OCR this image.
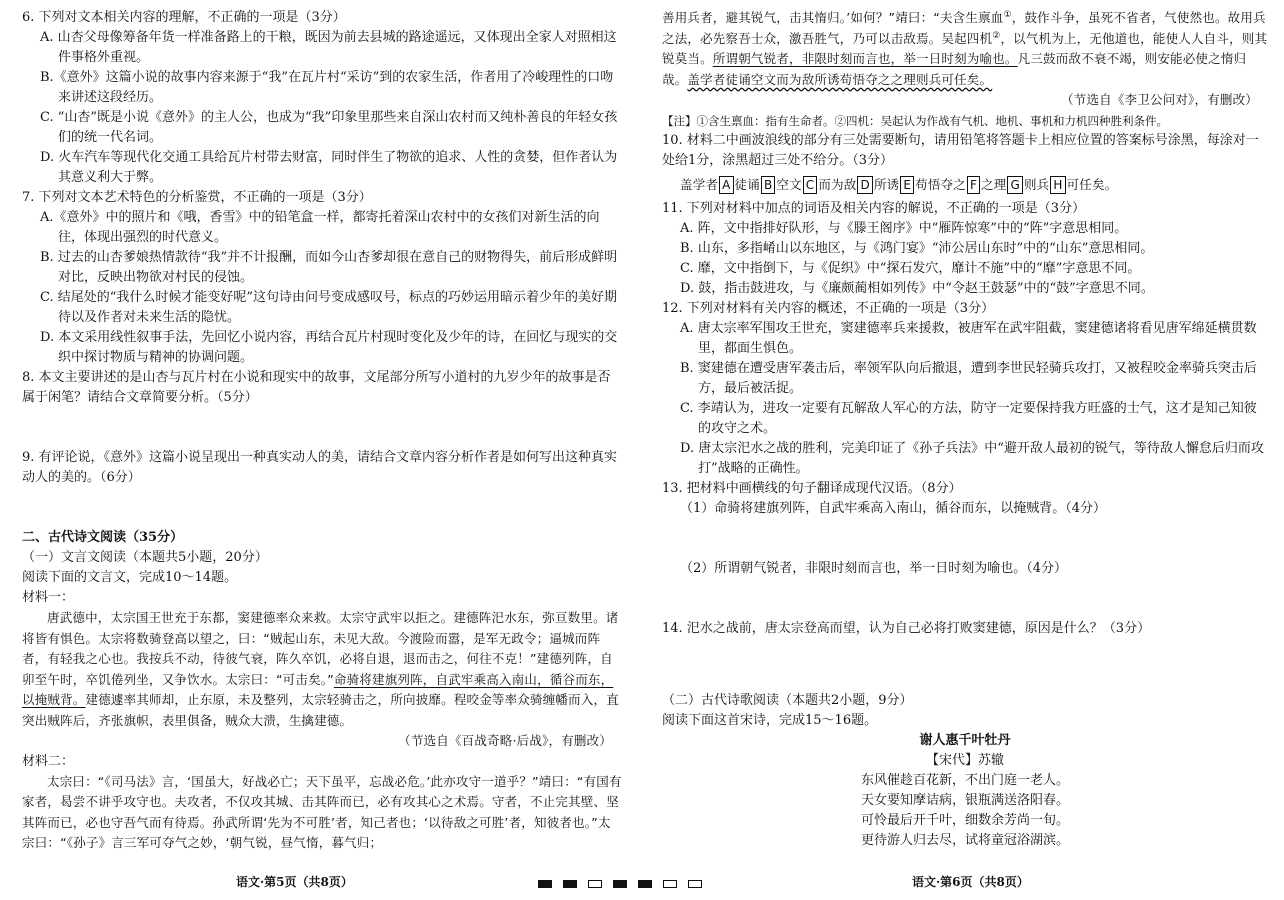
6. 下列对文本相关内容的理解，不正确的一项是（3分）

A. 山杏父母像筹备年货一样准备路上的干粮，既因为前去县城的路途遥远，又体现出全家人对照相这件事格外重视。

B.《意外》这篇小说的故事内容来源于“我”在瓦片村“采访”到的农家生活，作者用了冷峻理性的口吻来讲述这段经历。

C. “山杏”既是小说《意外》的主人公，也成为“我”印象里那些来自深山农村而又纯朴善良的年轻女孩们的统一代名词。

D. 火车汽车等现代化交通工具给瓦片村带去财富，同时伴生了物欲的追求、人性的贪婪，但作者认为其意义利大于弊。

7. 下列对文本艺术特色的分析鉴赏，不正确的一项是（3分）

A.《意外》中的照片和《哦，香雪》中的铅笔盒一样，都寄托着深山农村中的女孩们对新生活的向往，体现出强烈的时代意义。

B. 过去的山杏爹娘热情款待“我”并不计报酬，而如今山杏爹却很在意自己的财物得失，前后形成鲜明对比，反映出物欲对村民的侵蚀。

C. 结尾处的“我什么时候才能变好呢”这句诗由问号变成感叹号，标点的巧妙运用暗示着少年的美好期待以及作者对未来生活的隐忧。

D. 本文采用线性叙事手法，先回忆小说内容，再结合瓦片村现时变化及少年的诗，在回忆与现实的交织中探讨物质与精神的协调问题。

8. 本文主要讲述的是山杏与瓦片村在小说和现实中的故事，文尾部分所写小道村的九岁少年的故事是否属于闲笔？请结合文章简要分析。（5分）

9. 有评论说，《意外》这篇小说呈现出一种真实动人的美，请结合文章内容分析作者是如何写出这种真实动人的美的。（6分）

二、古代诗文阅读（35分）

（一）文言文阅读（本题共5小题，20分）

阅读下面的文言文，完成10～14题。

材料一：

唐武德中，太宗国王世充于东都，窦建德率众来救。太宗守武牢以拒之。建德阵汜水东，弥亘数里。诸将皆有惧色。太宗将数骑登高以望之，曰：“贼起山东，未见大敌。今渡险而嚣，是军无政令；逼城而阵者，有轻我之心也。我按兵不动，待彼气衰，阵久卒饥，必将自退，退而击之，何往不克！”建德列阵，自卯至午时，卒饥倦列坐，又争饮水。太宗曰：“可击矣。”命骑将建旗列阵，自武牢乘高入南山，循谷而东，以掩贼背。建德遽率其师却，止东原，未及整列，太宗轻骑击之，所向披靡。程咬金等率众骑缠幡而入，直突出贼阵后，齐张旗帜，表里俱备，贼众大溃，生擒建德。

（节选自《百战奇略·后战》，有删改）

材料二：

太宗曰：“《司马法》言，‘国虽大，好战必亡；天下虽平，忘战必危。’此亦攻守一道乎？”靖曰：“有国有家者，曷尝不讲乎攻守也。夫攻者，不仅攻其城、击其阵而已，必有攻其心之术焉。守者，不止完其壁、坚其阵而已，必也守吾气而有待焉。孙武所谓‘先为不可胜’者，知己者也；‘以待敌之可胜’者，知彼者也。”太宗曰：“《孙子》言三军可夺气之妙，‘朝气锐，昼气惰，暮气归；

语文·第5页（共8页）

善用兵者，避其锐气，击其惰归。’如何？”靖曰：“夫含生禀血①，鼓作斗争，虽死不省者，气使然也。故用兵之法，必先察吾士众，激吾胜气，乃可以击敌焉。吴起四机②，以气机为上，无他道也，能使人人自斗，则其锐莫当。所谓朝气锐者，非限时刻而言也，举一日时刻为喻也。凡三鼓而敌不衰不竭，则安能必使之惰归哉。盖学者徒诵空文而为敌所诱苟悟夺之之理则兵可任矣。

（节选自《李卫公问对》，有删改）

【注】①含生禀血：指有生命者。②四机：吴起认为作战有气机、地机、事机和力机四种胜利条件。

10. 材料二中画波浪线的部分有三处需要断句，请用铅笔将答题卡上相应位置的答案标号涂黑，每涂对一处给1分，涂黑超过三处不给分。（3分）

盖学者 A 徒诵 B 空文 C 而为敌 D 所诱 E 苟悟夺之 F 之理 G 则兵 H 可任矣。

11. 下列对材料中加点的词语及相关内容的解说，不正确的一项是（3分）

A. 阵，文中指排好队形，与《滕王阁序》中“雁阵惊寒”中的“阵”字意思相同。

B. 山东，多指崤山以东地区，与《鸿门宴》“沛公居山东时”中的“山东”意思相同。

C. 靡，文中指倒下，与《促织》中“探石发穴，靡计不施”中的“靡”字意思不同。

D. 鼓，指击鼓进攻，与《廉颇蔺相如列传》中“令赵王鼓瑟”中的“鼓”字意思不同。

12. 下列对材料有关内容的概述，不正确的一项是（3分）

A. 唐太宗率军围攻王世充，窦建德率兵来援救，被唐军在武牢阻截，窦建德诸将看见唐军绵延横贯数里，都面生惧色。

B. 窦建德在遭受唐军袭击后，率领军队向后撤退，遭到李世民轻骑兵攻打，又被程咬金率骑兵突击后方，最后被活捉。

C. 李靖认为，进攻一定要有瓦解敌人军心的方法，防守一定要保持我方旺盛的士气，这才是知己知彼的攻守之术。

D. 唐太宗汜水之战的胜利，完美印证了《孙子兵法》中“避开敌人最初的锐气，等待敌人懈怠后归而攻打”战略的正确性。

13. 把材料中画横线的句子翻译成现代汉语。（8分）

（1）命骑将建旗列阵，自武牢乘高入南山，循谷而东，以掩贼背。（4分）

（2）所谓朝气锐者，非限时刻而言也，举一日时刻为喻也。（4分）

14. 汜水之战前，唐太宗登高而望，认为自己必将打败窦建德，原因是什么？（3分）

（二）古代诗歌阅读（本题共2小题，9分）

阅读下面这首宋诗，完成15～16题。

谢人惠千叶牡丹

【宋代】苏辙

东风催趁百花新，不出门庭一老人。

天女要知摩诘病，银瓶满送洛阳春。

可怜最后开千叶，细数余芳尚一旬。

更待游人归去尽，试将童冠浴湖滨。

语文·第6页（共8页）
